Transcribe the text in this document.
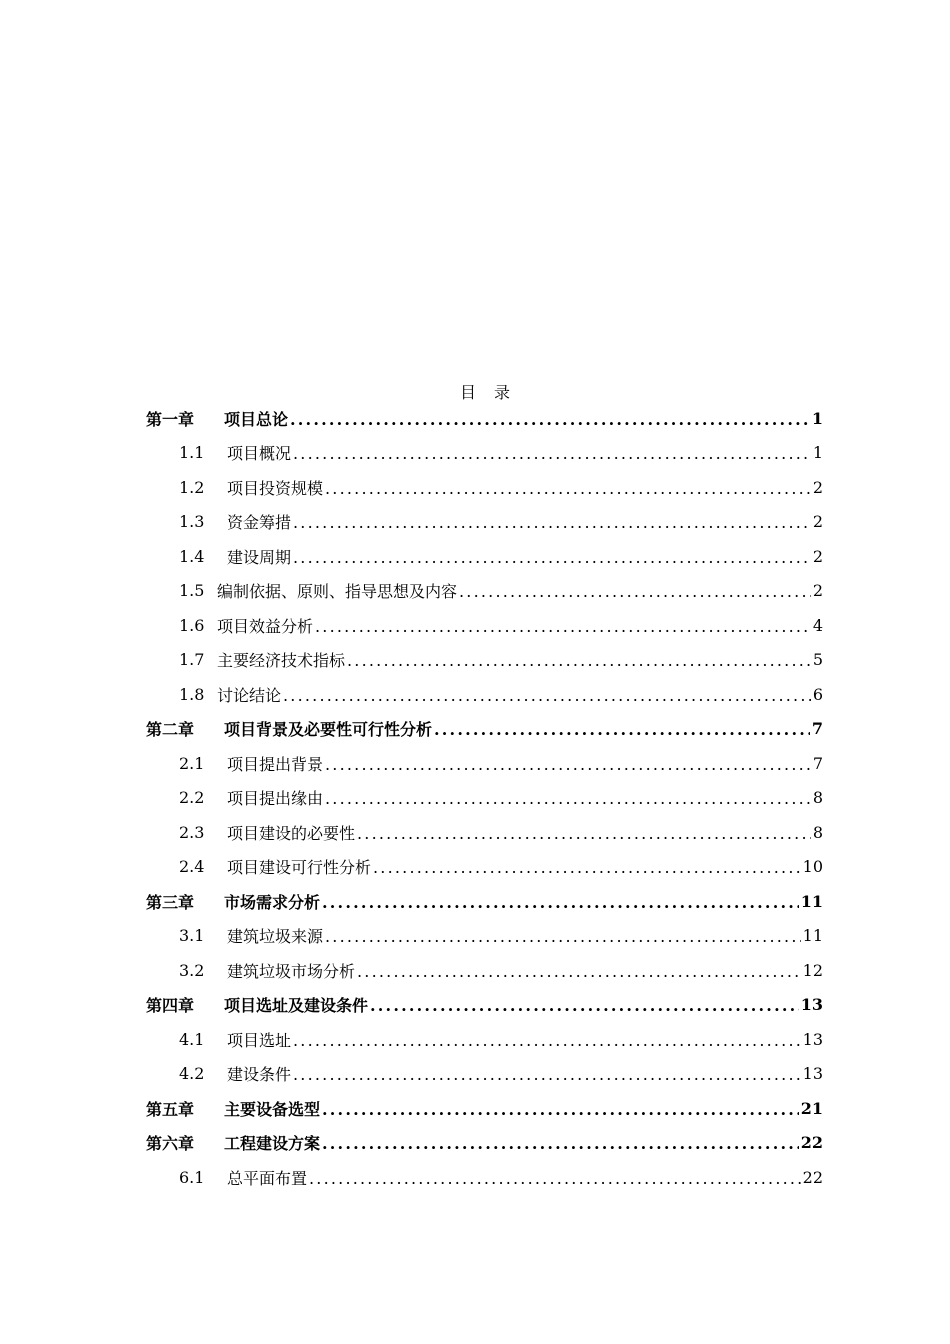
目 录
第一章	项目总论 .....	1
1.1	项目概况 .....	1
1.2	项目投资规模 .....	2
1.3	资金筹措 .....	2
1.4	建设周期 .....	2
1.5 编制依据、原则、指导思想及内容 .....	2
1.6 项目效益分析 .....	4
1.7 主要经济技术指标 .....	5
1.8 讨论结论 .....	6
第二章	项目背景及必要性可行性分析 .....	7
2.1	项目提出背景 .....	7
2.2	项目提出缘由 .....	8
2.3	项目建设的必要性 .....	8
2.4	项目建设可行性分析 .....	10
第三章	市场需求分析 .....	11
3.1	建筑垃圾来源 .....	11
3.2	建筑垃圾市场分析 .....	12
第四章	项目选址及建设条件 .....	13
4.1	项目选址 .....	13
4.2	建设条件 .....	13
第五章	主要设备选型 .....	21
第六章	工程建设方案 .....	22
6.1	总平面布置 .....	22
